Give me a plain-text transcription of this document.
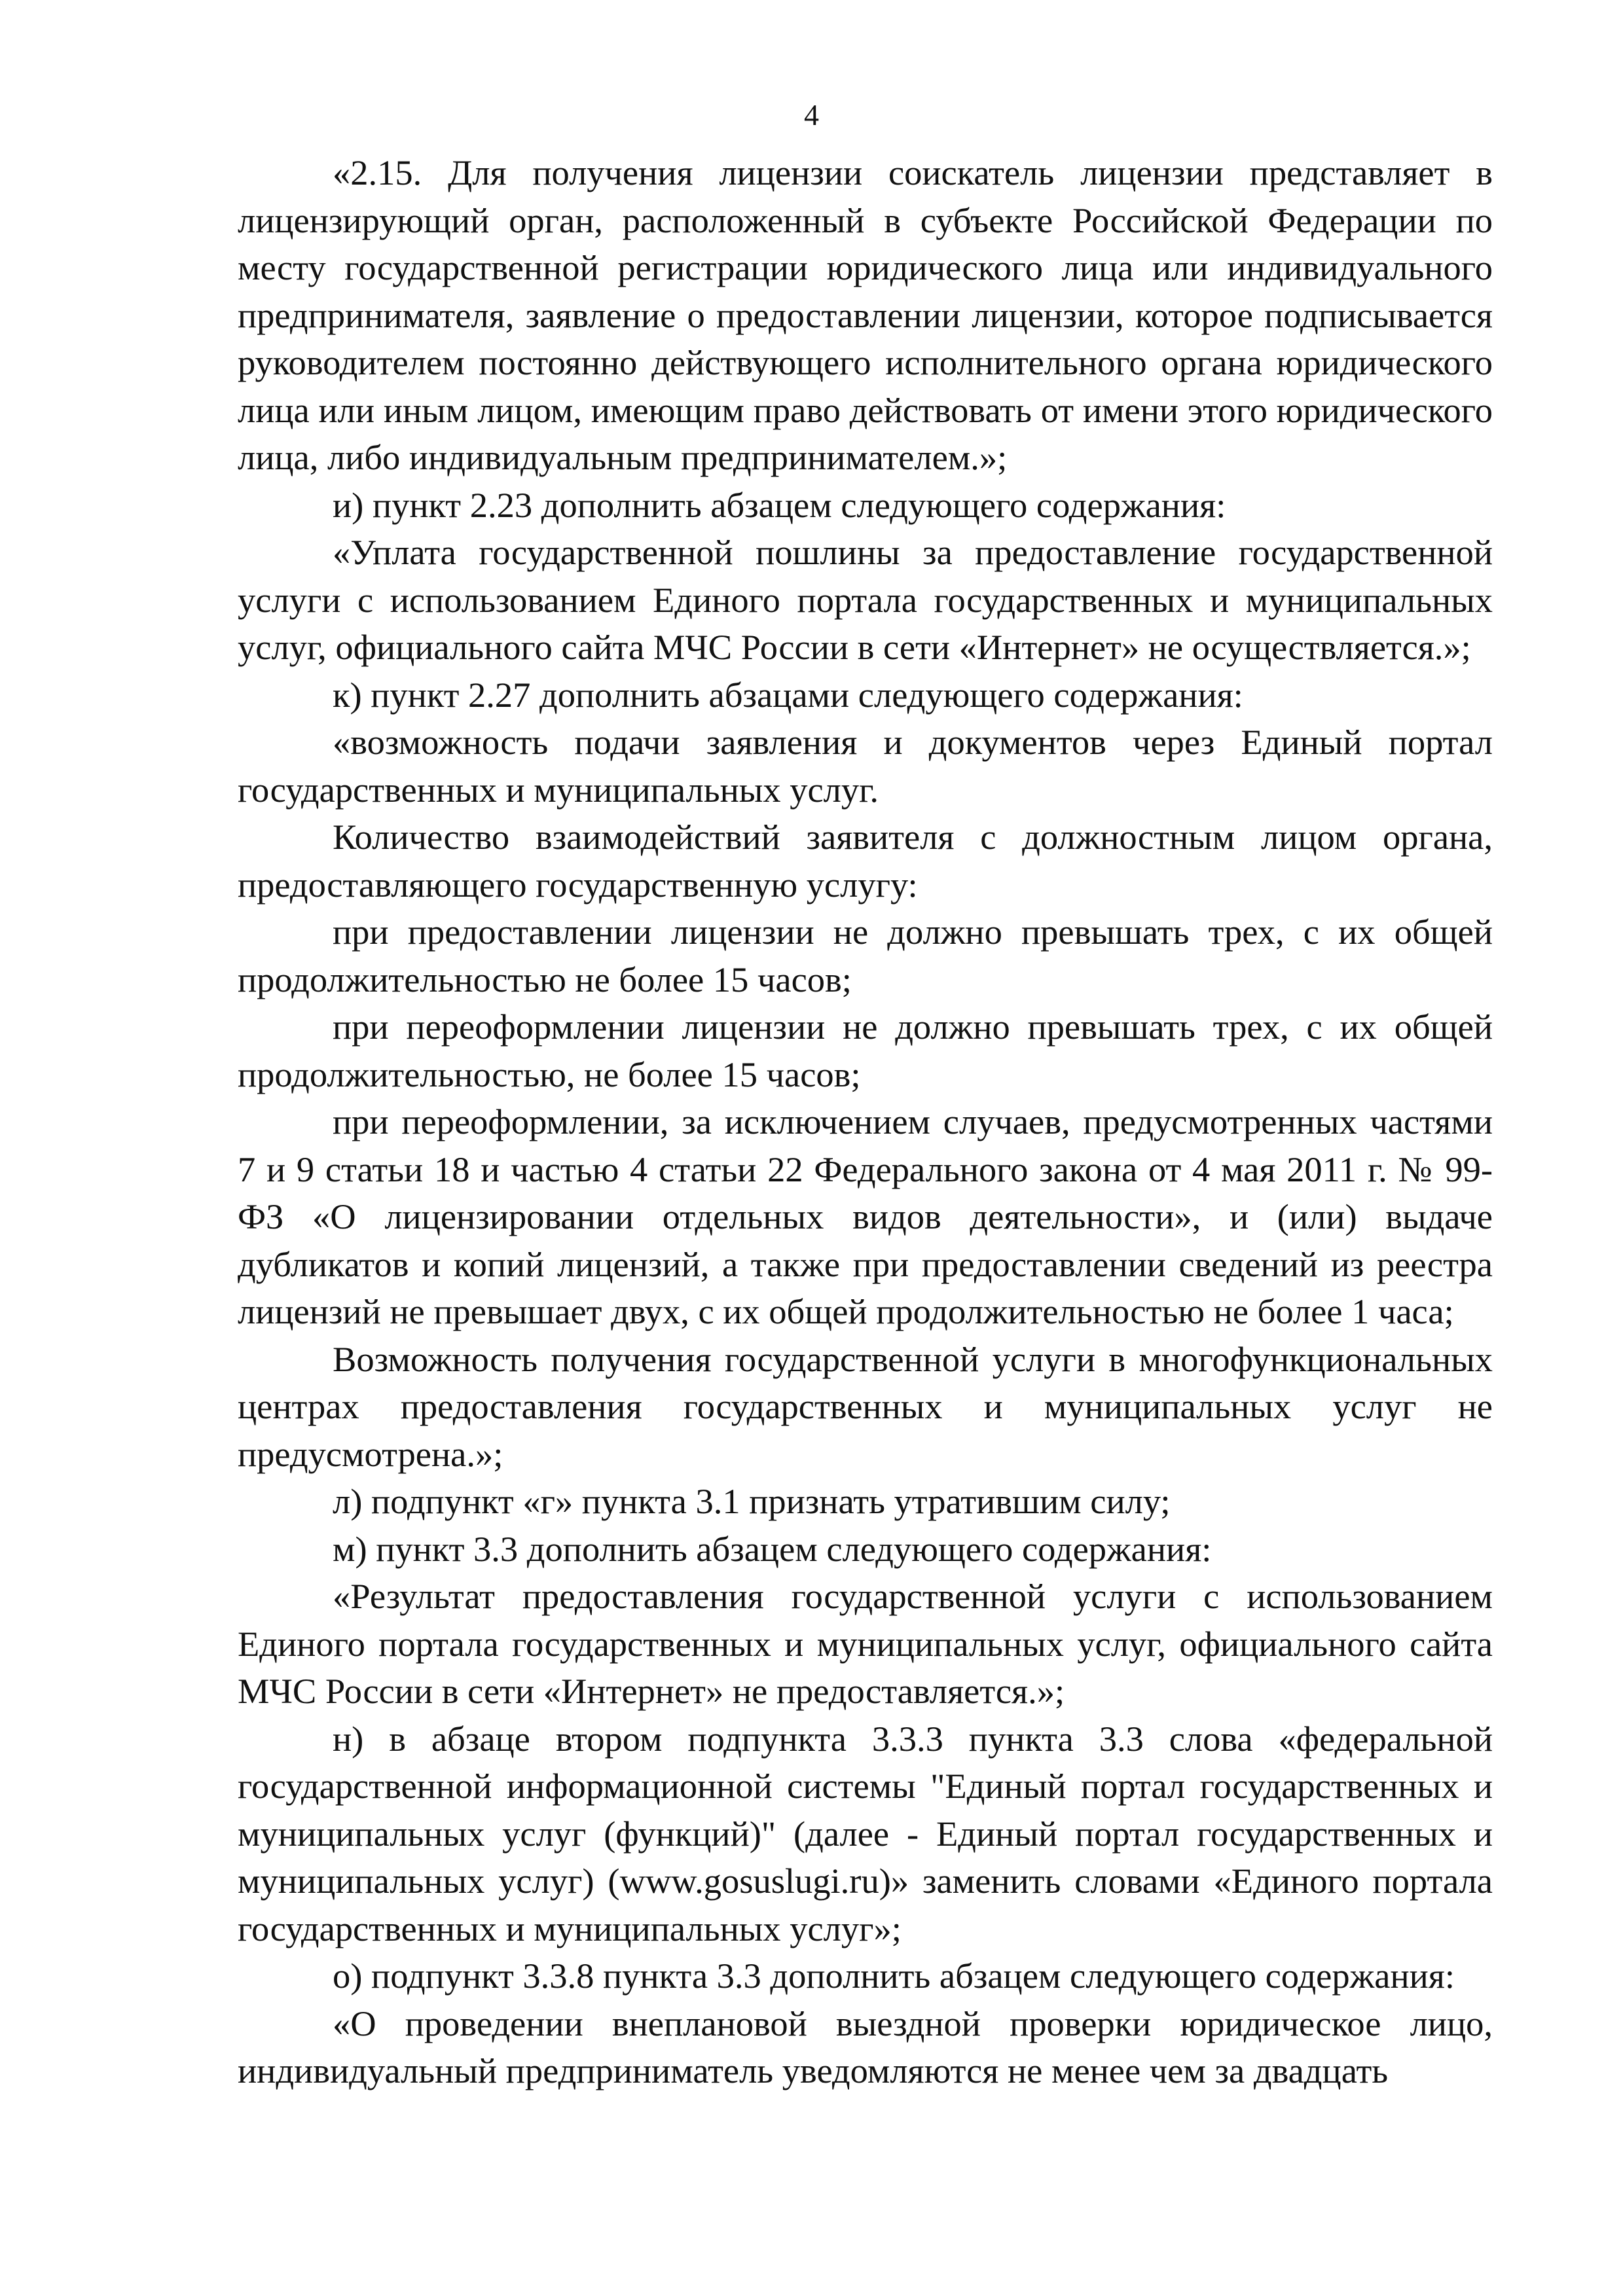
4

«2.15. Для получения лицензии соискатель лицензии представляет в лицензирующий орган, расположенный в субъекте Российской Федерации по месту государственной регистрации юридического лица или индивидуального предпринимателя, заявление о предоставлении лицензии, которое подписывается руководителем постоянно действующего исполнительного органа юридического лица или иным лицом, имеющим право действовать от имени этого юридического лица, либо индивидуальным предпринимателем.»;

и) пункт 2.23 дополнить абзацем следующего содержания:

«Уплата государственной пошлины за предоставление государственной услуги с использованием Единого портала государственных и муниципальных услуг, официального сайта МЧС России в сети «Интернет» не осуществляется.»;

к) пункт 2.27 дополнить абзацами следующего содержания:

«возможность подачи заявления и документов через Единый портал государственных и муниципальных услуг.

Количество взаимодействий заявителя с должностным лицом органа, предоставляющего государственную услугу:

при предоставлении лицензии не должно превышать трех, с их общей продолжительностью не более 15 часов;

при переоформлении лицензии не должно превышать трех, с их общей продолжительностью, не более 15 часов;

при переоформлении, за исключением случаев, предусмотренных частями 7 и 9 статьи 18 и частью 4 статьи 22 Федерального закона от 4 мая 2011 г. № 99-ФЗ «О лицензировании отдельных видов деятельности», и (или) выдаче дубликатов и копий лицензий, а также при предоставлении сведений из реестра лицензий не превышает двух, с их общей продолжительностью не более 1 часа;

Возможность получения государственной услуги в многофункциональных центрах предоставления государственных и муниципальных услуг не предусмотрена.»;

л) подпункт «г» пункта 3.1 признать утратившим силу;

м) пункт 3.3 дополнить абзацем следующего содержания:

«Результат предоставления государственной услуги с использованием Единого портала государственных и муниципальных услуг, официального сайта МЧС России в сети «Интернет» не предоставляется.»;

н) в абзаце втором подпункта 3.3.3 пункта 3.3 слова «федеральной государственной информационной системы "Единый портал государственных и муниципальных услуг (функций)" (далее - Единый портал государственных и муниципальных услуг) (www.gosuslugi.ru)» заменить словами «Единого портала государственных и муниципальных услуг»;

о) подпункт 3.3.8 пункта 3.3 дополнить абзацем следующего содержания:

«О проведении внеплановой выездной проверки юридическое лицо, индивидуальный предприниматель уведомляются не менее чем за двадцать
